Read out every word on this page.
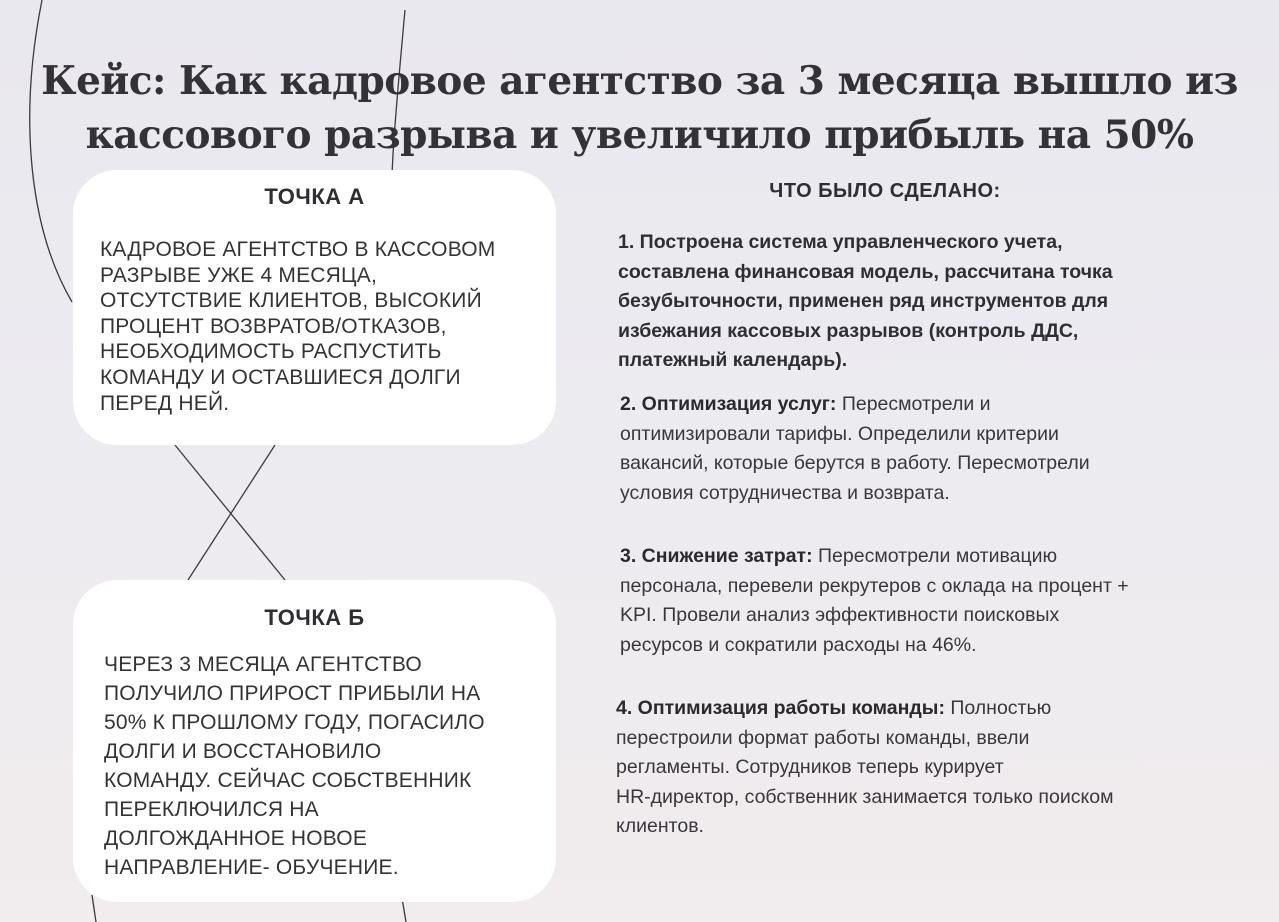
Кейс: Как кадровое агентство за 3 месяца вышло из
кассового разрыва и увеличило прибыль на 50%
ТОЧКА А
КАДРОВОЕ АГЕНТСТВО В КАССОВОМ
РАЗРЫВЕ УЖЕ 4 МЕСЯЦА,
ОТСУТСТВИЕ КЛИЕНТОВ, ВЫСОКИЙ
ПРОЦЕНТ ВОЗВРАТОВ/ОТКАЗОВ,
НЕОБХОДИМОСТЬ РАСПУСТИТЬ
КОМАНДУ И ОСТАВШИЕСЯ ДОЛГИ
ПЕРЕД НЕЙ.
ТОЧКА Б
ЧЕРЕЗ 3 МЕСЯЦА АГЕНТСТВО
ПОЛУЧИЛО ПРИРОСТ ПРИБЫЛИ НА
50% К ПРОШЛОМУ ГОДУ, ПОГАСИЛО
ДОЛГИ И ВОССТАНОВИЛО
КОМАНДУ. СЕЙЧАС СОБСТВЕННИК
ПЕРЕКЛЮЧИЛСЯ НА
ДОЛГОЖДАННОЕ НОВОЕ
НАПРАВЛЕНИЕ- ОБУЧЕНИЕ.
ЧТО БЫЛО СДЕЛАНО:
1. Построена система управленческого учета,
составлена финансовая модель, рассчитана точка
безубыточности, применен ряд инструментов для
избежания кассовых разрывов (контроль ДДС,
платежный календарь).
2. Оптимизация услуг: Пересмотрели и
оптимизировали тарифы. Определили критерии
вакансий, которые берутся в работу. Пересмотрели
условия сотрудничества и возврата.
3. Снижение затрат: Пересмотрели мотивацию
персонала, перевели рекрутеров с оклада на процент +
KPI. Провели анализ эффективности поисковых
ресурсов и сократили расходы на 46%.
4. Оптимизация работы команды: Полностью
перестроили формат работы команды, ввели
регламенты. Сотрудников теперь курирует
HR-директор, собственник занимается только поиском
клиентов.
